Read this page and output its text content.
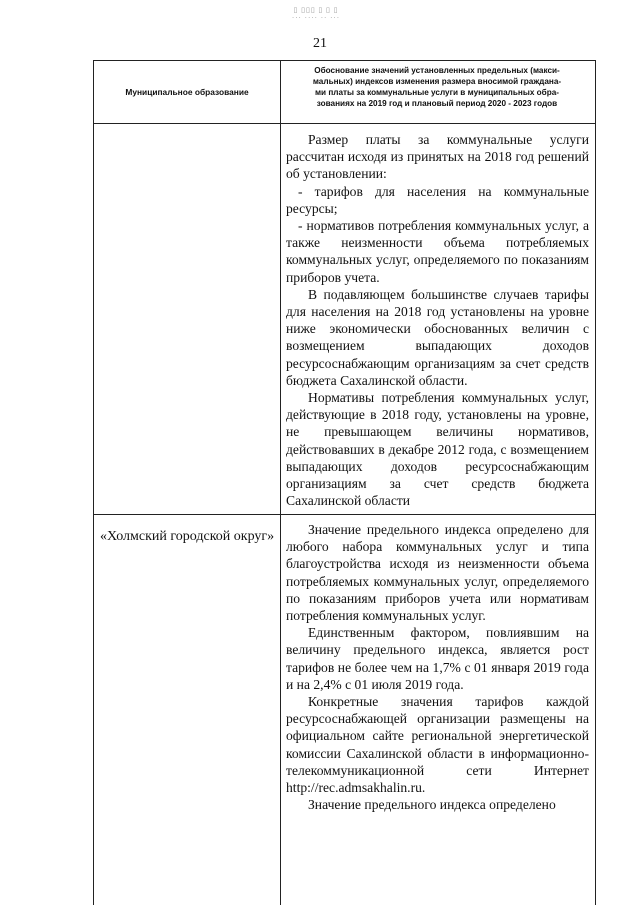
▯ ▯▯▯ ▯ ▯ ▯
··· ···· ·· ···
21
Муниципальное образование
Обоснование значений установленных предельных (макси-
мальных) индексов изменения размера вносимой граждана-
ми платы за коммунальные услуги в муниципальных обра-
зованиях на 2019 год и плановый период 2020 - 2023 годов

Размер платы за коммунальные услуги рассчитан исходя из принятых на 2018 год решений об установлении:

- тарифов для населения на коммунальные ресурсы;

- нормативов потребления коммунальных услуг, а также неизменности объема потребляемых коммунальных услуг, определяемого по показаниям приборов учета.

В подавляющем большинстве случаев тарифы для населения на 2018 год установлены на уровне ниже экономически обоснованных величин с возмещением выпадающих доходов ресурсоснабжающим организациям за счет средств бюджета Сахалинской области.

Нормативы потребления коммунальных услуг, действующие в 2018 году, установлены на уровне, не превышающем величины нормативов, действовавших в декабре 2012 года, с возмещением выпадающих доходов ресурсоснабжающим организациям за счет средств бюджета Сахалинской области

«Холмский городской округ»	Значение предельного индекса определено для любого набора коммунальных услуг и типа благоустройства исходя из неизменности объема потребляемых коммунальных услуг, определяемого по показаниям приборов учета или нормативам потребления коммунальных услуг.

Единственным фактором, повлиявшим на величину предельного индекса, является рост тарифов не более чем на 1,7% с 01 января 2019 года и на 2,4% с 01 июля 2019 года.

Конкретные значения тарифов каждой ресурсоснабжающей организации размещены на официальном сайте региональной энергетической комиссии Сахалинской области в информационно-телекоммуникационной сети Интернет http://rec.admsakhalin.ru.

Значение предельного индекса определено
